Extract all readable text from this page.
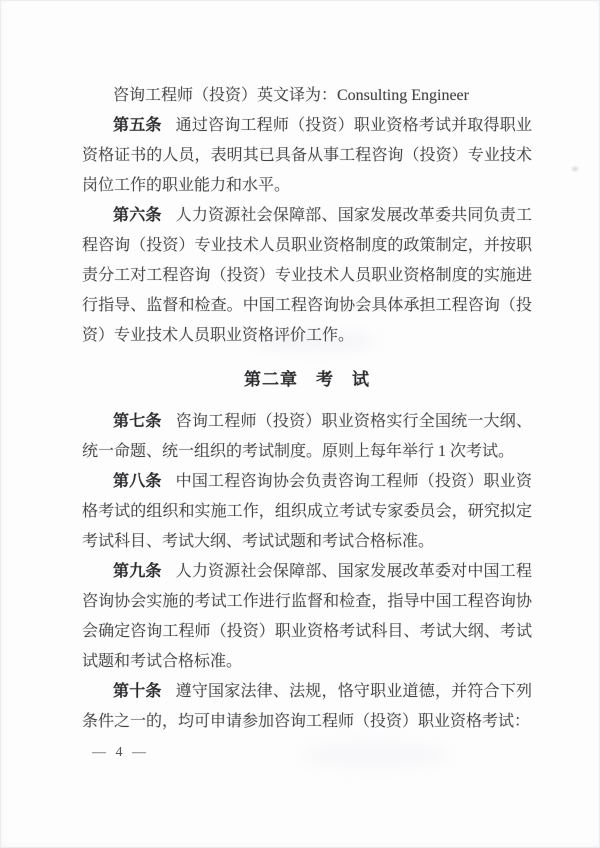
咨询工程师（投资）英文译为：Consulting Engineer
第五条 通过咨询工程师（投资）职业资格考试并取得职业
资格证书的人员，表明其已具备从事工程咨询（投资）专业技术
岗位工作的职业能力和水平。
第六条 人力资源社会保障部、国家发展改革委共同负责工
程咨询（投资）专业技术人员职业资格制度的政策制定，并按职
责分工对工程咨询（投资）专业技术人员职业资格制度的实施进
行指导、监督和检查。中国工程咨询协会具体承担工程咨询（投
资）专业技术人员职业资格评价工作。
第二章　考　试
第七条 咨询工程师（投资）职业资格实行全国统一大纲、
统一命题、统一组织的考试制度。原则上每年举行 1 次考试。
第八条 中国工程咨询协会负责咨询工程师（投资）职业资
格考试的组织和实施工作，组织成立考试专家委员会，研究拟定
考试科目、考试大纲、考试试题和考试合格标准。
第九条 人力资源社会保障部、国家发展改革委对中国工程
咨询协会实施的考试工作进行监督和检查，指导中国工程咨询协
会确定咨询工程师（投资）职业资格考试科目、考试大纲、考试
试题和考试合格标准。
第十条 遵守国家法律、法规，恪守职业道德，并符合下列
条件之一的，均可申请参加咨询工程师（投资）职业资格考试：
— 4 —
